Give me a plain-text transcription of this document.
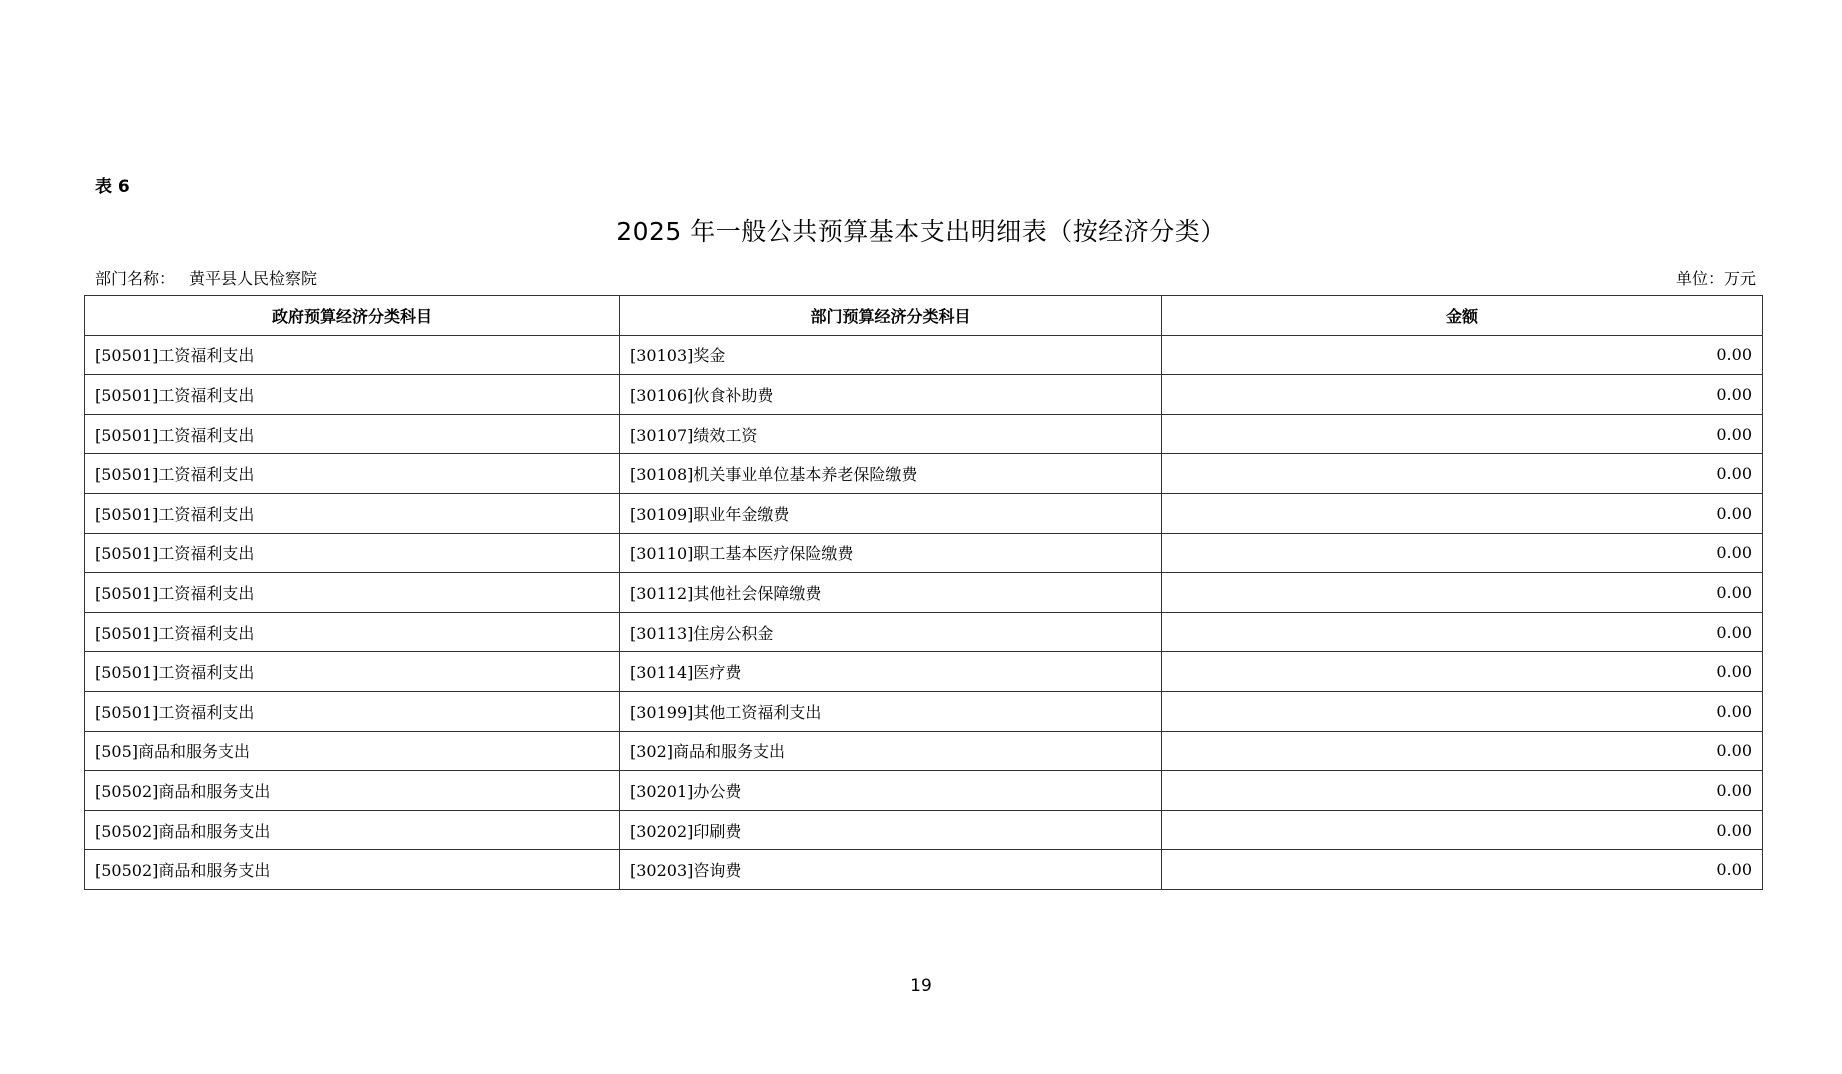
表 6
2025 年一般公共预算基本支出明细表（按经济分类）
部门名称： 黄平县人民检察院	单位：万元
政府预算经济分类科目	部门预算经济分类科目	金额
[50501]工资福利支出	[30103]奖金	0.00
[50501]工资福利支出	[30106]伙食补助费	0.00
[50501]工资福利支出	[30107]绩效工资	0.00
[50501]工资福利支出	[30108]机关事业单位基本养老保险缴费	0.00
[50501]工资福利支出	[30109]职业年金缴费	0.00
[50501]工资福利支出	[30110]职工基本医疗保险缴费	0.00
[50501]工资福利支出	[30112]其他社会保障缴费	0.00
[50501]工资福利支出	[30113]住房公积金	0.00
[50501]工资福利支出	[30114]医疗费	0.00
[50501]工资福利支出	[30199]其他工资福利支出	0.00
[505]商品和服务支出	[302]商品和服务支出	0.00
[50502]商品和服务支出	[30201]办公费	0.00
[50502]商品和服务支出	[30202]印刷费	0.00
[50502]商品和服务支出	[30203]咨询费	0.00
19
